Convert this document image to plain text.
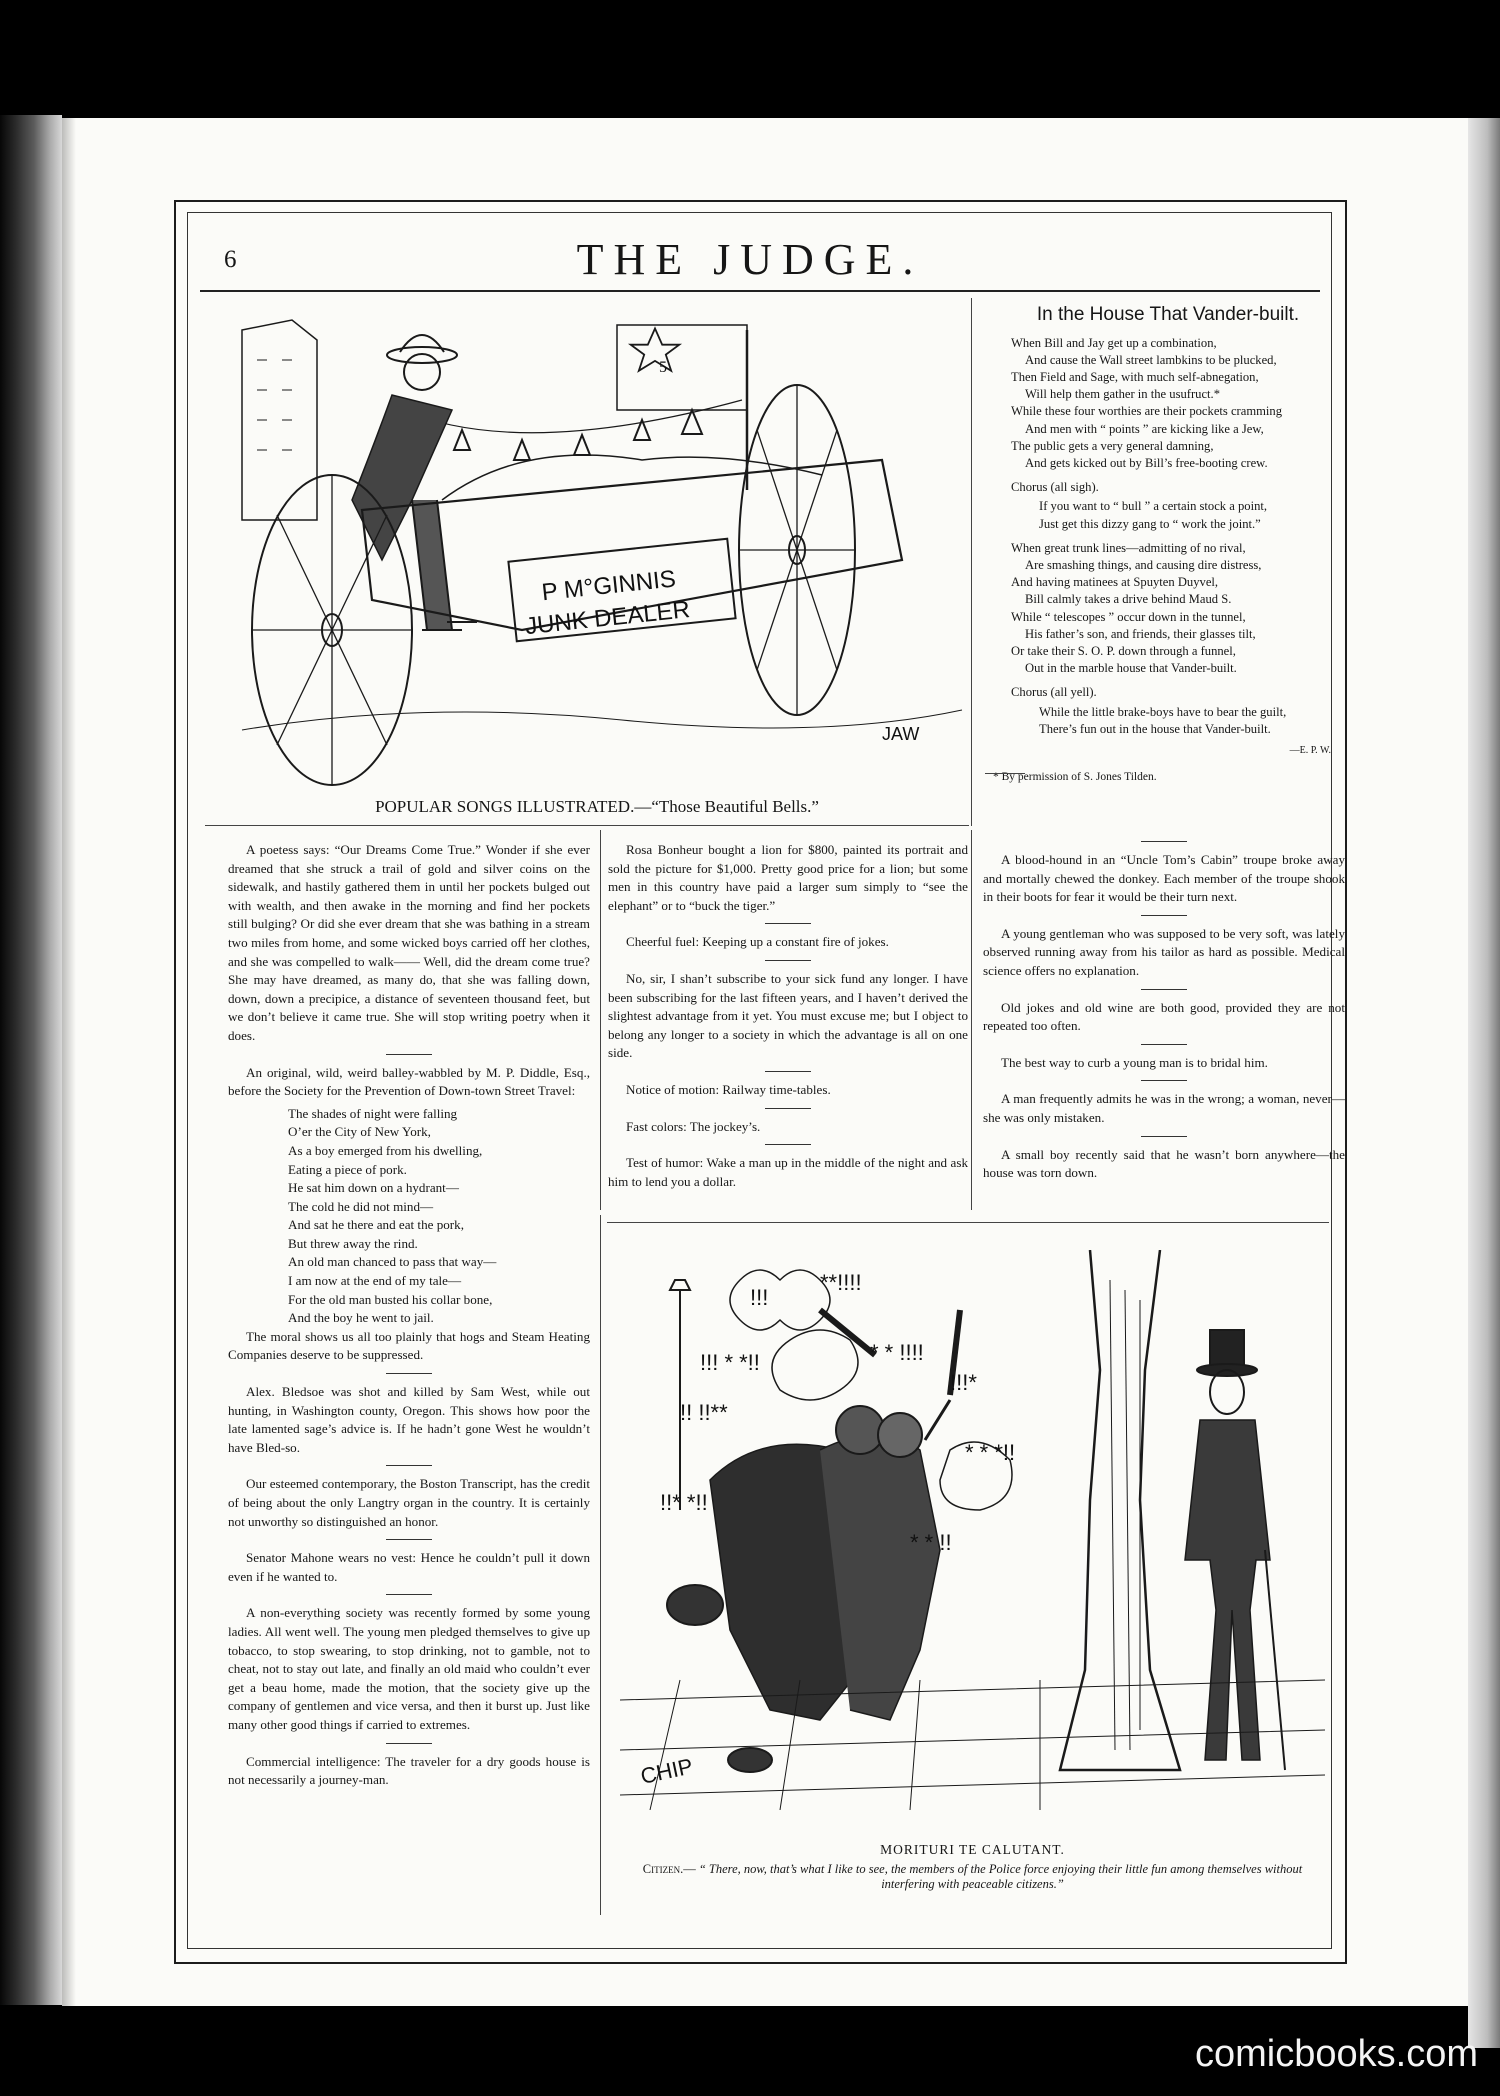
6	THE JUDGE.
P M°GINNIS
JUNK DEALER
5
JAW
POPULAR SONGS ILLUSTRATED.—“Those Beautiful Bells.”
In the House That Vander-built.

When Bill and Jay get up a combination,

And cause the Wall street lambkins to be plucked,

Then Field and Sage, with much self-abnegation,

Will help them gather in the usufruct.*

While these four worthies are their pockets cramming

And men with “ points ” are kicking like a Jew,

The public gets a very general damning,

And gets kicked out by Bill’s free-booting crew.

Chorus (all sigh).

If you want to “ bull ” a certain stock a point,

Just get this dizzy gang to “ work the joint.”

When great trunk lines—admitting of no rival,

Are smashing things, and causing dire distress,

And having matinees at Spuyten Duyvel,

Bill calmly takes a drive behind Maud S.

While “ telescopes ” occur down in the tunnel,

His father’s son, and friends, their glasses tilt,

Or take their S. O. P. down through a funnel,

Out in the marble house that Vander-built.

Chorus (all yell).

While the little brake-boys have to bear the guilt,

There’s fun out in the house that Vander-built.

—E. P. W.
* By permission of S. Jones Tilden.

A poetess says: “Our Dreams Come True.” Wonder if she ever dreamed that she struck a trail of gold and silver coins on the sidewalk, and hastily gathered them in until her pockets bulged out with wealth, and then awake in the morning and find her pockets still bulging? Or did she ever dream that she was bathing in a stream two miles from home, and some wicked boys carried off her clothes, and she was compelled to walk—— Well, did the dream come true? She may have dreamed, as many do, that she was falling down, down, down a precipice, a distance of seventeen thousand feet, but we don’t believe it came true. She will stop writing poetry when it does.

An original, wild, weird balley-wabbled by M. P. Diddle, Esq., before the Society for the Prevention of Down-town Street Travel:

The shades of night were falling

O’er the City of New York,

As a boy emerged from his dwelling,

Eating a piece of pork.

He sat him down on a hydrant—

The cold he did not mind—

And sat he there and eat the pork,

But threw away the rind.

An old man chanced to pass that way—

I am now at the end of my tale—

For the old man busted his collar bone,

And the boy he went to jail.

The moral shows us all too plainly that hogs and Steam Heating Companies deserve to be suppressed.

Alex. Bledsoe was shot and killed by Sam West, while out hunting, in Washington county, Oregon. This shows how poor the late lamented sage’s advice is. If he hadn’t gone West he wouldn’t have Bled-so.

Our esteemed contemporary, the Boston Transcript, has the credit of being about the only Langtry organ in the country. It is certainly not unworthy so distinguished an honor.

Senator Mahone wears no vest: Hence he couldn’t pull it down even if he wanted to.

A non-everything society was recently formed by some young ladies. All went well. The young men pledged themselves to give up tobacco, to stop swearing, to stop drinking, not to gamble, not to cheat, not to stay out late, and finally an old maid who couldn’t ever get a beau home, made the motion, that the society give up the company of gentlemen and vice versa, and then it burst up. Just like many other good things if carried to extremes.

Commercial intelligence: The traveler for a dry goods house is not necessarily a journey-man.

Rosa Bonheur bought a lion for $800, painted its portrait and sold the picture for $1,000. Pretty good price for a lion; but some men in this country have paid a larger sum simply to “see the elephant” or to “buck the tiger.”

Cheerful fuel: Keeping up a constant fire of jokes.

No, sir, I shan’t subscribe to your sick fund any longer. I have been subscribing for the last fifteen years, and I haven’t derived the slightest advantage from it yet. You must excuse me; but I object to belong any longer to a society in which the advantage is all on one side.

Notice of motion: Railway time-tables.

Fast colors: The jockey’s.

Test of humor: Wake a man up in the middle of the night and ask him to lend you a dollar.

A blood-hound in an “Uncle Tom’s Cabin” troupe broke away and mortally chewed the donkey. Each member of the troupe shook in their boots for fear it would be their turn next.

A young gentleman who was supposed to be very soft, was lately observed running away from his tailor as hard as possible. Medical science offers no explanation.

Old jokes and old wine are both good, provided they are not repeated too often.

The best way to curb a young man is to bridal him.

A man frequently admits he was in the wrong; a woman, never—she was only mistaken.

A small boy recently said that he wasn’t born anywhere—the house was torn down.

!!!
!!! * *!!	* * !!!!
!! !!**
!!!*
* * *!!
!!* *!!
* * !!
**!!!!
CHIP
MORITURI TE CALUTANT.
Citizen.— “ There, now, that’s what I like to see, the members of the Police force enjoying their little fun among themselves without interfering with peaceable citizens.”
comicbooks.com
